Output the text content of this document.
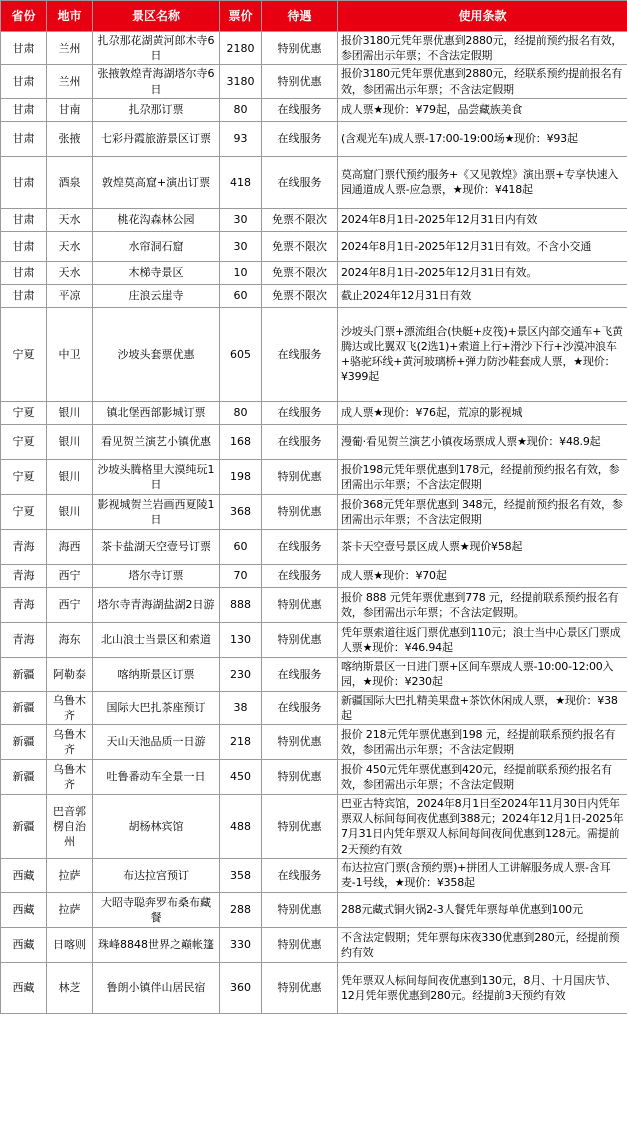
省份	地市	景区名称	票价	待遇	使用条款
甘肃	兰州	扎尕那花湖黄河郎木寺6日	2180	特别优惠	报价3180元凭年票优惠到2880元，经提前预约报名有效，参团需出示年票；不含法定假期
甘肃	兰州	张掖敦煌青海湖塔尔寺6日	3180	特别优惠	报价3180元凭年票优惠到2880元，经联系预约提前报名有效，参团需出示年票；不含法定假期
甘肃	甘南	扎尕那订票	80	在线服务	成人票★现价：¥79起，品尝藏族美食
甘肃	张掖	七彩丹霞旅游景区订票	93	在线服务	(含观光车)成人票-17:00-19:00场★现价：¥93起
甘肃	酒泉	敦煌莫高窟+演出订票	418	在线服务	莫高窟门票代预约服务+《又见敦煌》演出票+专享快速入园通道成人票-应急票，★现价：¥418起
甘肃	天水	桃花沟森林公园	30	免票不限次	2024年8月1日-2025年12月31日内有效
甘肃	天水	水帘洞石窟	30	免票不限次	2024年8月1日-2025年12月31日有效。不含小交通
甘肃	天水	木梯寺景区	10	免票不限次	2024年8月1日-2025年12月31日有效。
甘肃	平凉	庄浪云崖寺	60	免票不限次	截止2024年12月31日有效
宁夏	中卫	沙坡头套票优惠	605	在线服务	沙坡头门票+漂流组合(快艇+皮筏)+景区内部交通车+飞黄腾达或比翼双飞(2选1)+索道上行+滑沙下行+沙漠冲浪车+骆驼环线+黄河玻璃桥+弹力防沙鞋套成人票，★现价：¥399起
宁夏	银川	镇北堡西部影城订票	80	在线服务	成人票★现价：¥76起，荒凉的影视城
宁夏	银川	看见贺兰演艺小镇优惠	168	在线服务	漫葡·看见贺兰演艺小镇夜场票成人票★现价：¥48.9起
宁夏	银川	沙坡头腾格里大漠纯玩1日	198	特别优惠	报价198元凭年票优惠到178元，经提前预约报名有效，参团需出示年票；不含法定假期
宁夏	银川	影视城贺兰岩画西夏陵1日	368	特别优惠	报价368元凭年票优惠到 348元，经提前预约报名有效，参团需出示年票；不含法定假期
青海	海西	茶卡盐湖天空壹号订票	60	在线服务	茶卡天空壹号景区成人票★现价¥58起
青海	西宁	塔尔寺订票	70	在线服务	成人票★现价：¥70起
青海	西宁	塔尔寺青海湖盐湖2日游	888	特别优惠	报价 888 元凭年票优惠到778 元，经提前联系预约报名有效，参团需出示年票；不含法定假期。
青海	海东	北山浪士当景区和索道	130	特别优惠	凭年票索道往返门票优惠到110元；浪士当中心景区门票成人票★现价：¥46.94起
新疆	阿勒泰	喀纳斯景区订票	230	在线服务	喀纳斯景区一日进门票+区间车票成人票-10:00-12:00入园，★现价：¥230起
新疆	乌鲁木齐	国际大巴扎茶座预订	38	在线服务	新疆国际大巴扎精美果盘+茶饮休闲成人票，★现价：¥38起
新疆	乌鲁木齐	天山天池品质一日游	218	特别优惠	报价 218元凭年票优惠到198 元，经提前联系预约报名有效，参团需出示年票；不含法定假期
新疆	乌鲁木齐	吐鲁番动车全景一日	450	特别优惠	报价 450元凭年票优惠到420元，经提前联系预约报名有效，参团需出示年票；不含法定假期
新疆	巴音郭楞自治州	胡杨林宾馆	488	特别优惠	巴亚古特宾馆，2024年8月1日至2024年11月30日内凭年票双人标间每间夜优惠到388元；2024年12月1日-2025年7月31日内凭年票双人标间每间夜间优惠到128元。需提前2天预约有效
西藏	拉萨	布达拉宫预订	358	在线服务	布达拉宫门票(含预约票)+拼团人工讲解服务成人票-含耳麦-1号线，★现价：¥358起
西藏	拉萨	大昭寺聪奔罗布桑布藏餐	288	特别优惠	288元藏式铜火锅2-3人餐凭年票每单优惠到100元
西藏	日喀则	珠峰8848世界之巅帐篷	330	特别优惠	不含法定假期；凭年票每床夜330优惠到280元，经提前预约有效
西藏	林芝	鲁朗小镇伴山居民宿	360	特别优惠	凭年票双人标间每间夜优惠到130元，8月、十月国庆节、12月凭年票优惠到280元。经提前3天预约有效
